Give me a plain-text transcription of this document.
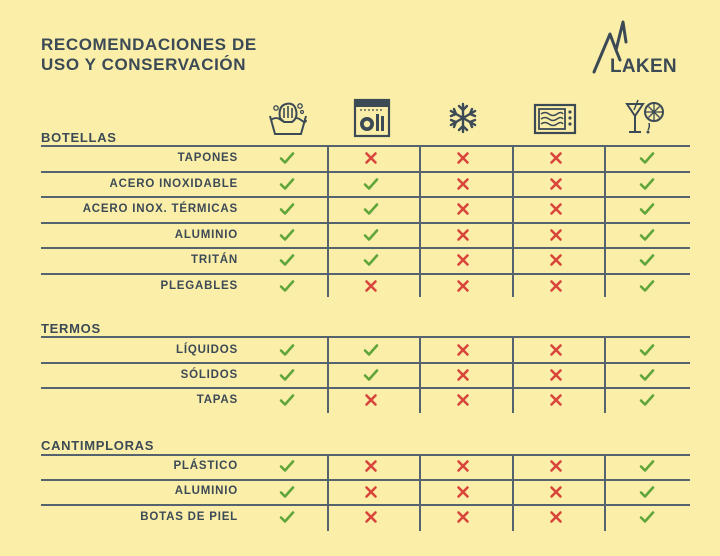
RECOMENDACIONES DE
USO Y CONSERVACIÓN	LAKEN
BOTELLAS
TERMOS
CANTIMPLORAS
TAPONES
ACERO INOXIDABLE
ACERO INOX. TÉRMICAS
ALUMINIO
TRITÁN
PLEGABLES
LÍQUIDOS
SÓLIDOS
TAPAS
PLÁSTICO
ALUMINIO
BOTAS DE PIEL
